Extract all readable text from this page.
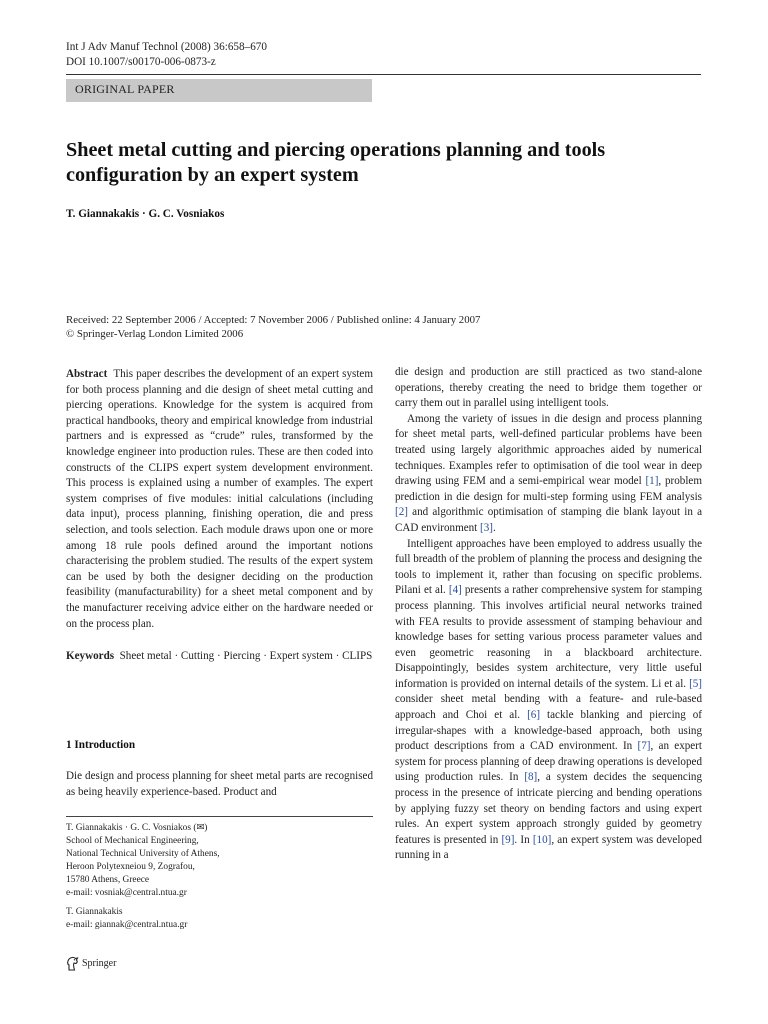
Int J Adv Manuf Technol (2008) 36:658–670
DOI 10.1007/s00170-006-0873-z
ORIGINAL PAPER
Sheet metal cutting and piercing operations planning and tools configuration by an expert system
T. Giannakakis · G. C. Vosniakos
Received: 22 September 2006 / Accepted: 7 November 2006 / Published online: 4 January 2007
© Springer-Verlag London Limited 2006

Abstract This paper describes the development of an expert system for both process planning and die design of sheet metal cutting and piercing operations. Knowledge for the system is acquired from practical handbooks, theory and empirical knowledge from industrial partners and is expressed as “crude” rules, transformed by the knowledge engineer into production rules. These are then coded into constructs of the CLIPS expert system development environment. This process is explained using a number of examples. The expert system comprises of five modules: initial calculations (including data input), process planning, finishing operation, die and press selection, and tools selection. Each module draws upon one or more among 18 rule pools defined around the important notions characterising the problem studied. The results of the expert system can be used by both the designer deciding on the production feasibility (manufacturability) for a sheet metal component and by the manufacturer receiving advice either on the hardware needed or on the process plan.

Keywords Sheet metal · Cutting · Piercing · Expert system · CLIPS

1 Introduction

Die design and process planning for sheet metal parts are recognised as being heavily experience-based. Product and

T. Giannakakis · G. C. Vosniakos (✉)
School of Mechanical Engineering,
National Technical University of Athens,
Heroon Polytexneiou 9, Zografou,
15780 Athens, Greece
e-mail: vosniak@central.ntua.gr
T. Giannakakis
e-mail: giannak@central.ntua.gr

die design and production are still practiced as two stand-alone operations, thereby creating the need to bridge them together or carry them out in parallel using intelligent tools.

Among the variety of issues in die design and process planning for sheet metal parts, well-defined particular problems have been treated using largely algorithmic approaches aided by numerical techniques. Examples refer to optimisation of die tool wear in deep drawing using FEM and a semi-empirical wear model [1], problem prediction in die design for multi-step forming using FEM analysis [2] and algorithmic optimisation of stamping die blank layout in a CAD environment [3].

Intelligent approaches have been employed to address usually the full breadth of the problem of planning the process and designing the tools to implement it, rather than focusing on specific problems. Pilani et al. [4] presents a rather comprehensive system for stamping process planning. This involves artificial neural networks trained with FEA results to provide assessment of stamping behaviour and knowledge bases for setting various process parameter values and even geometric reasoning in a blackboard architecture. Disappointingly, besides system architecture, very little useful information is provided on internal details of the system. Li et al. [5] consider sheet metal bending with a feature- and rule-based approach and Choi et al. [6] tackle blanking and piercing of irregular-shapes with a knowledge-based approach, both using product descriptions from a CAD environment. In [7], an expert system for process planning of deep drawing operations is developed using production rules. In [8], a system decides the sequencing process in the presence of intricate piercing and bending operations by applying fuzzy set theory on bending factors and using expert rules. An expert system approach strongly guided by geometry features is presented in [9]. In [10], an expert system was developed running in a

Springer
